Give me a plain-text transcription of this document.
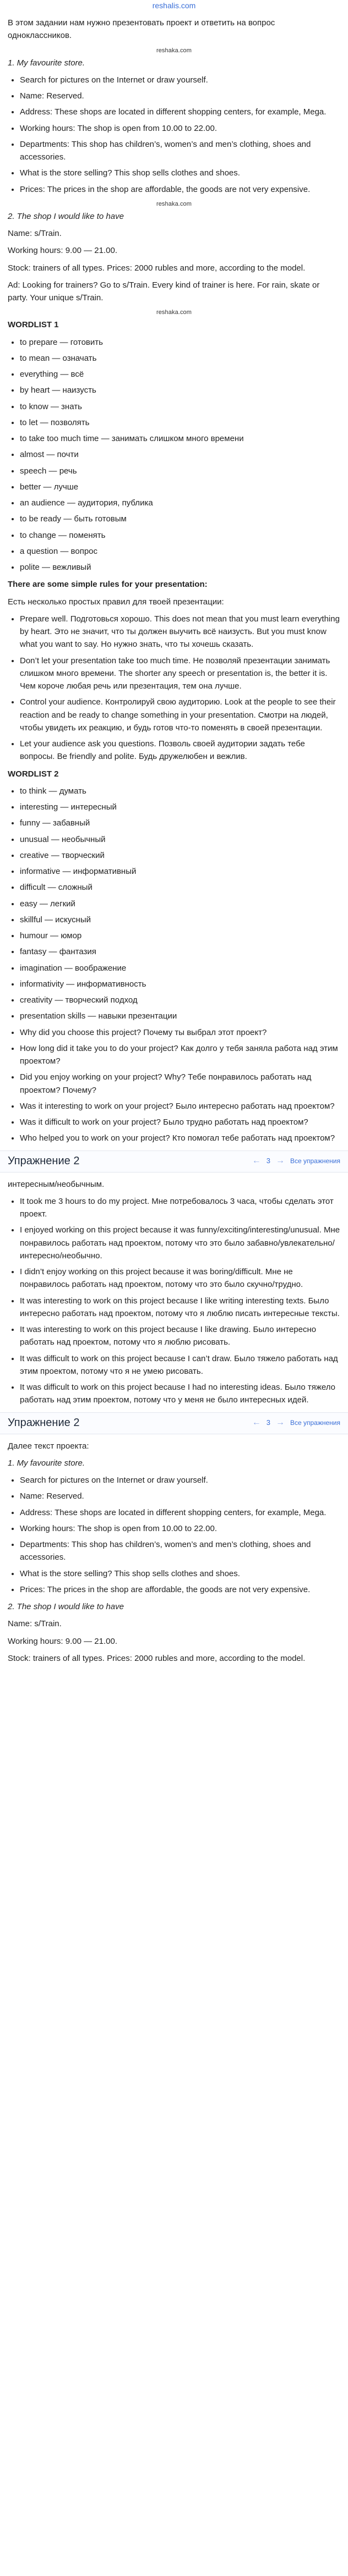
reshalis.com

В этом задании нам нужно презентовать проект и ответить на вопрос одноклассников.

reshaka.com

1. My favourite store.

• Search for pictures on the Internet or draw yourself.
• Name: Reserved.
• Address: These shops are located in different shopping centers, for example, Mega.
• Working hours: The shop is open from 10.00 to 22.00.
• Departments: This shop has children’s, women’s and men’s clothing, shoes and accessories.
• What is the store selling? This shop sells clothes and shoes.
• Prices: The prices in the shop are affordable, the goods are not very expensive.
reshaka.com

2. The shop I would like to have

Name: s/Train.

Working hours: 9.00 — 21.00.

Stock: trainers of all types. Prices: 2000 rubles and more, according to the model.

Ad: Looking for trainers? Go to s/Train. Every kind of trainer is here. For rain, skate or party. Your unique s/Train.

reshaka.com

WORDLIST 1

• to prepare — готовить
• to mean — означать
• everything — всё
• by heart — наизусть
• to know — знать
• to let — позволять
• to take too much time — занимать слишком много времени
• almost — почти
• speech — речь
• better — лучше
• an audience — аудитория, публика
• to be ready — быть готовым
• to change — поменять
• a question — вопрос
• polite — вежливый

There are some simple rules for your presentation:

Есть несколько простых правил для твоей презентации:

• Prepare well. Подготовься хорошо. This does not mean that you must learn everything by heart. Это не значит, что ты должен выучить всё наизусть. But you must know what you want to say. Но нужно знать, что ты хочешь сказать.
• Don’t let your presentation take too much time. Не позволяй презентации занимать слишком много времени. The shorter any speech or presentation is, the better it is. Чем короче любая речь или презентация, тем она лучше.
• Control your audience. Контролируй свою аудиторию. Look at the people to see their reaction and be ready to change something in your presentation. Смотри на людей, чтобы увидеть их реакцию, и будь готов что-то поменять в своей презентации.
• Let your audience ask you questions. Позволь своей аудитории задать тебе вопросы. Be friendly and polite. Будь дружелюбен и вежлив.

WORDLIST 2

• to think — думать
• interesting — интересный
• funny — забавный
• unusual — необычный
• creative — творческий
• informative — информативный
• difficult — сложный
• easy — легкий
• skillful — искусный
• humour — юмор
• fantasy — фантазия
• imagination — воображение
• informativity — информативность
• creativity — творческий подход
• presentation skills — навыки презентации
• Why did you choose this project? Почему ты выбрал этот проект?
• How long did it take you to do your project? Как долго у тебя заняла работа над этим проектом?
• Did you enjoy working on your project? Why? Тебе понравилось работать над проектом? Почему?
• Was it interesting to work on your project? Было интересно работать над проектом?
• Was it difficult to work on your project? Было трудно работать над проектом?
• Who helped you to work on your project? Кто помогал тебе работать над проектом?
Упражнение 2	← 3 → Все упражнения

интересным/необычным.

• It took me 3 hours to do my project. Мне потребовалось 3 часа, чтобы сделать этот проект.
• I enjoyed working on this project because it was funny/exciting/interesting/unusual. Мне понравилось работать над проектом, потому что это было забавно/увлекательно/интересно/необычно.
• I didn’t enjoy working on this project because it was boring/difficult. Мне не понравилось работать над проектом, потому что это было скучно/трудно.
• It was interesting to work on this project because I like writing interesting texts. Было интересно работать над проектом, потому что я люблю писать интересные тексты.
• It was interesting to work on this project because I like drawing. Было интересно работать над проектом, потому что я люблю рисовать.
• It was difficult to work on this project because I can’t draw. Было тяжело работать над этим проектом, потому что я не умею рисовать.
• It was difficult to work on this project because I had no interesting ideas. Было тяжело работать над этим проектом, потому что у меня не было интересных идей.
Упражнение 2	← 3 → Все упражнения

Далее текст проекта:

1. My favourite store.

• Search for pictures on the Internet or draw yourself.
• Name: Reserved.
• Address: These shops are located in different shopping centers, for example, Mega.
• Working hours: The shop is open from 10.00 to 22.00.
• Departments: This shop has children’s, women’s and men’s clothing, shoes and accessories.
• What is the store selling? This shop sells clothes and shoes.
• Prices: The prices in the shop are affordable, the goods are not very expensive.

2. The shop I would like to have

Name: s/Train.

Working hours: 9.00 — 21.00.

Stock: trainers of all types. Prices: 2000 rubles and more, according to the model.
